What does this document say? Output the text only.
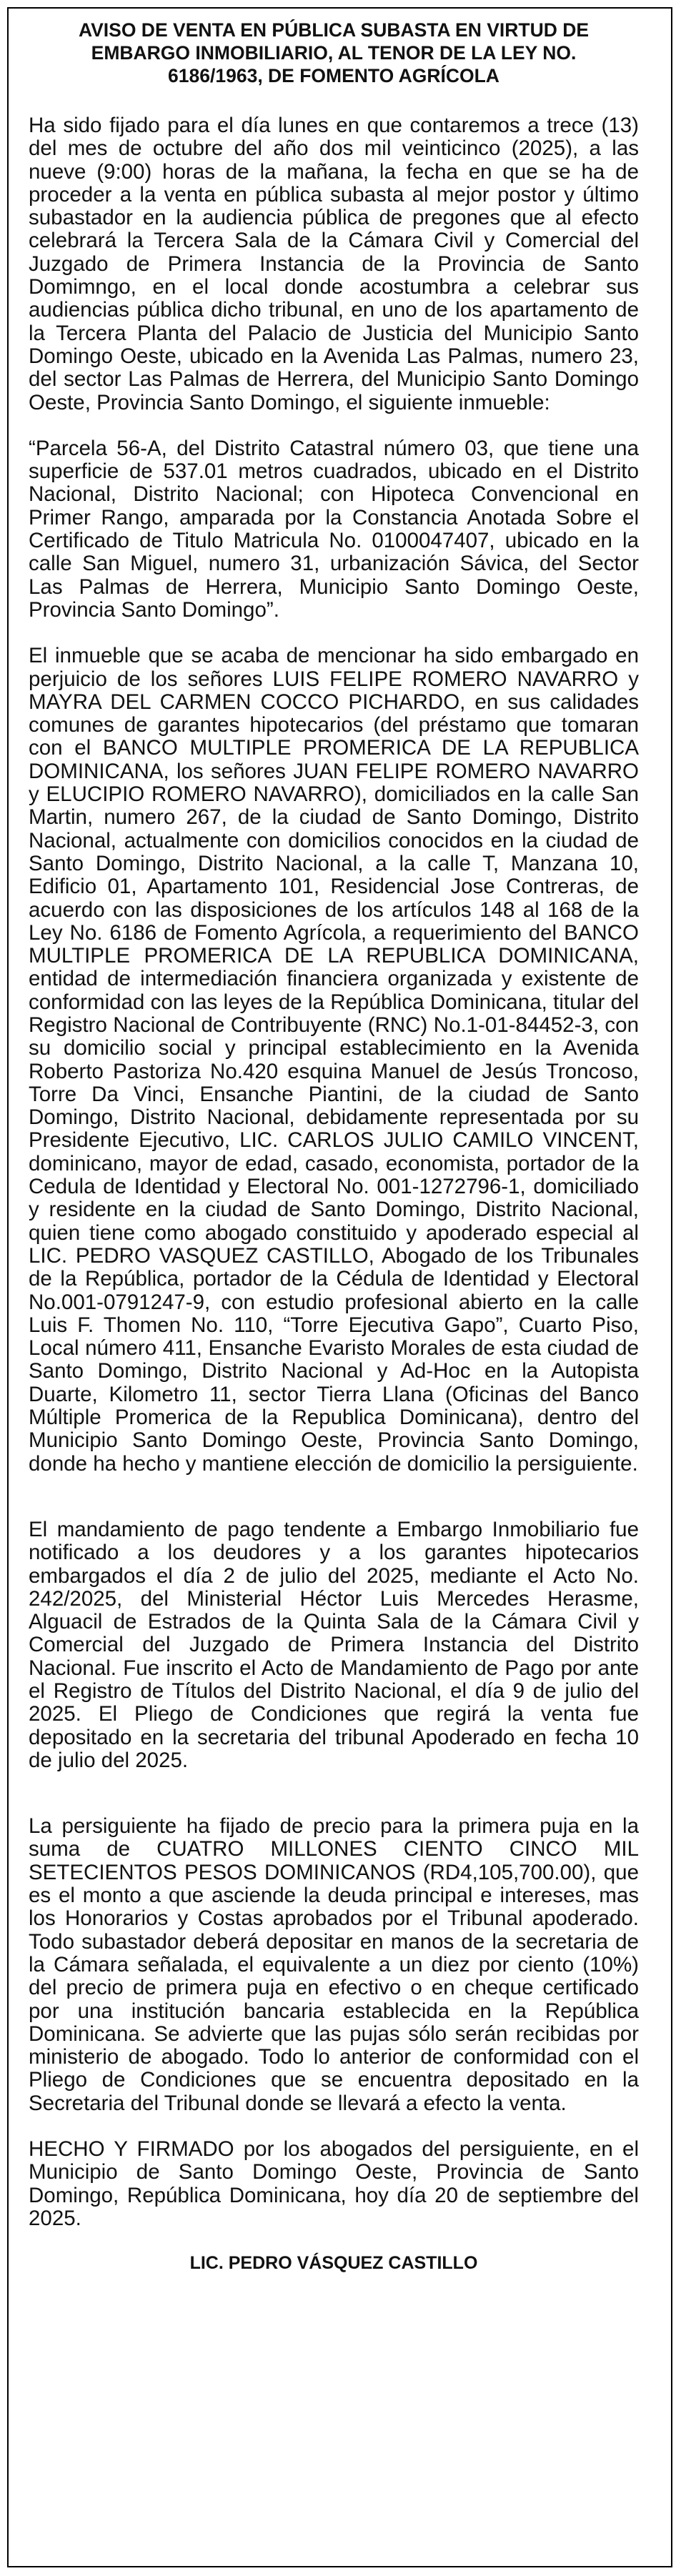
AVISO DE VENTA EN PÚBLICA SUBASTA EN VIRTUD DE
EMBARGO INMOBILIARIO, AL TENOR DE LA LEY NO.
6186/1963, DE FOMENTO AGRÍCOLA

Ha sido fijado para el día lunes en que contaremos a trece (13) del mes de octubre del año dos mil veinticinco (2025), a las nueve (9:00) horas de la mañana, la fecha en que se ha de proceder a la venta en pública subasta al mejor postor y último subastador en la audiencia pública de pregones que al efecto celebrará la Tercera Sala de la Cámara Civil y Comercial del Juzgado de Primera Instancia de la Provincia de Santo Domimngo, en el local donde acostumbra a celebrar sus audiencias pública dicho tribunal, en uno de los apartamento de la Tercera Planta del Palacio de Justicia del Municipio Santo Domingo Oeste, ubicado en la Avenida Las Palmas, numero 23, del sector Las Palmas de Herrera, del Municipio Santo Domingo Oeste, Provincia Santo Domingo, el siguiente inmueble:

“Parcela 56-A, del Distrito Catastral número 03, que tiene una superficie de 537.01 metros cuadrados, ubicado en el Distrito Nacional, Distrito Nacional; con Hipoteca Convencional en Primer Rango, amparada por la Constancia Anotada Sobre el Certificado de Titulo Matricula No. 0100047407, ubicado en la calle San Miguel, numero 31, urbanización Sávica, del Sector Las Palmas de Herrera, Municipio Santo Domingo Oeste, Provincia Santo Domingo”.

El inmueble que se acaba de mencionar ha sido embargado en perjuicio de los señores LUIS FELIPE ROMERO NAVARRO y MAYRA DEL CARMEN COCCO PICHARDO, en sus calidades comunes de garantes hipotecarios (del préstamo que tomaran con el BANCO MULTIPLE PROMERICA DE LA REPUBLICA DOMINICANA, los señores JUAN FELIPE ROMERO NAVARRO y ELUCIPIO ROMERO NAVARRO), domiciliados en la calle San Martin, numero 267, de la ciudad de Santo Domingo, Distrito Nacional, actualmente con domicilios conocidos en la ciudad de Santo Domingo, Distrito Nacional, a la calle T, Manzana 10, Edificio 01, Apartamento 101, Residencial Jose Contreras, de acuerdo con las disposiciones de los artículos 148 al 168 de la Ley No. 6186 de Fomento Agrícola, a requerimiento del BANCO MULTIPLE PROMERICA DE LA REPUBLICA DOMINICANA, entidad de intermediación financiera organizada y existente de conformidad con las leyes de la República Dominicana, titular del Registro Nacional de Contribuyente (RNC) No.1-01-84452-3, con su domicilio social y principal establecimiento en la Avenida Roberto Pastoriza No.420 esquina Manuel de Jesús Troncoso, Torre Da Vinci, Ensanche Piantini, de la ciudad de Santo Domingo, Distrito Nacional, debidamente representada por su Presidente Ejecutivo, LIC. CARLOS JULIO CAMILO VINCENT, dominicano, mayor de edad, casado, economista, portador de la Cedula de Identidad y Electoral No. 001-1272796-1, domiciliado y residente en la ciudad de Santo Domingo, Distrito Nacional, quien tiene como abogado constituido y apoderado especial al LIC. PEDRO VASQUEZ CASTILLO, Abogado de los Tribunales de la República, portador de la Cédula de Identidad y Electoral No.001-0791247-9, con estudio profesional abierto en la calle Luis F. Thomen No. 110, “Torre Ejecutiva Gapo”, Cuarto Piso, Local número 411, Ensanche Evaristo Morales de esta ciudad de Santo Domingo, Distrito Nacional y Ad-Hoc en la Autopista Duarte, Kilometro 11, sector Tierra Llana (Oficinas del Banco Múltiple Promerica de la Republica Dominicana), dentro del Municipio Santo Domingo Oeste, Provincia Santo Domingo, donde ha hecho y mantiene elección de domicilio la persiguiente.

El mandamiento de pago tendente a Embargo Inmobiliario fue notificado a los deudores y a los garantes hipotecarios embargados el día 2 de julio del 2025, mediante el Acto No. 242/2025, del Ministerial Héctor Luis Mercedes Herasme, Alguacil de Estrados de la Quinta Sala de la Cámara Civil y Comercial del Juzgado de Primera Instancia del Distrito Nacional. Fue inscrito el Acto de Mandamiento de Pago por ante el Registro de Títulos del Distrito Nacional, el día 9 de julio del 2025. El Pliego de Condiciones que regirá la venta fue depositado en la secretaria del tribunal Apoderado en fecha 10 de julio del 2025.

La persiguiente ha fijado de precio para la primera puja en la suma de CUATRO MILLONES CIENTO CINCO MIL SETECIENTOS PESOS DOMINICANOS (RD4,105,700.00), que es el monto a que asciende la deuda principal e intereses, mas los Honorarios y Costas aprobados por el Tribunal apoderado. Todo subastador deberá depositar en manos de la secretaria de la Cámara señalada, el equivalente a un diez por ciento (10%) del precio de primera puja en efectivo o en cheque certificado por una institución bancaria establecida en la República Dominicana. Se advierte que las pujas sólo serán recibidas por ministerio de abogado. Todo lo anterior de conformidad con el Pliego de Condiciones que se encuentra depositado en la Secretaria del Tribunal donde se llevará a efecto la venta.

HECHO Y FIRMADO por los abogados del persiguiente, en el Municipio de Santo Domingo Oeste, Provincia de Santo Domingo, República Dominicana, hoy día 20 de septiembre del 2025.

LIC. PEDRO VÁSQUEZ CASTILLO
